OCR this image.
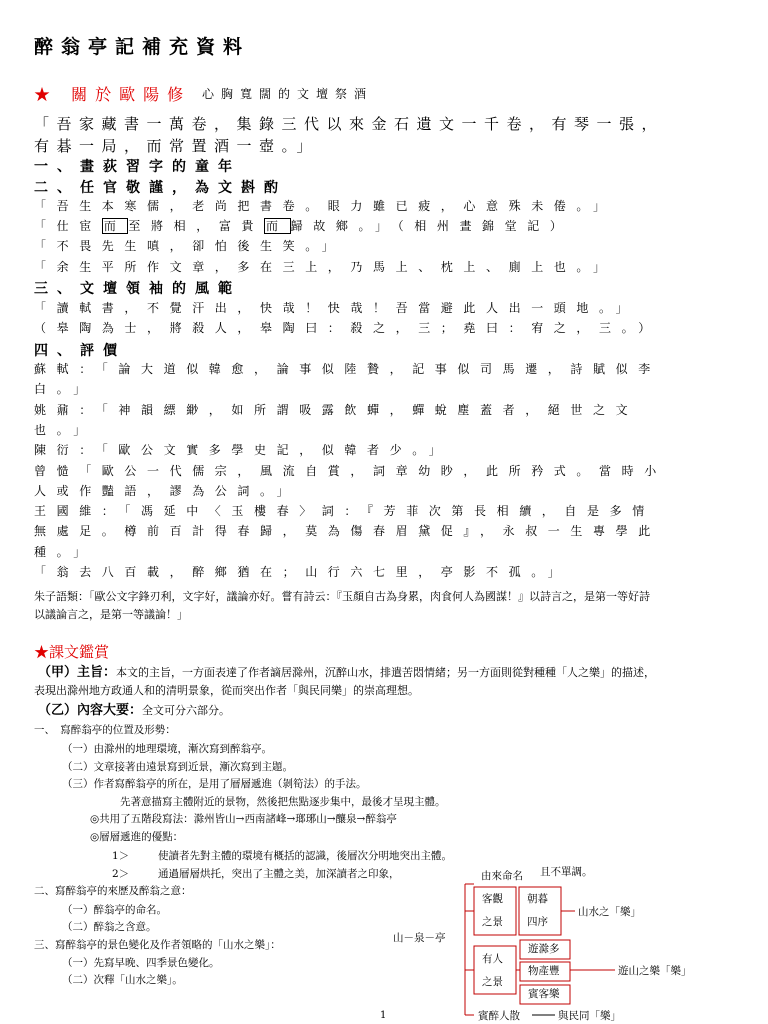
醉翁亭記補充資料
★ 關於歐陽修 心胸寬闊的文壇祭酒
「吾家藏書一萬卷，集錄三代以來金石遺文一千卷，有琴一張，
有碁一局，而常置酒一壺。」
一、畫荻習字的童年
二、任官敬謹，為文斟酌
「吾生本寒儒，老尚把書卷。眼力雖已疲，心意殊未倦。」
「仕宦 而 至將相，富貴 而 歸故鄉。」（相州晝錦堂記）
「不畏先生嗔，卻怕後生笑。」
「余生平所作文章，多在三上，乃馬上、枕上、廁上也。」
三、文壇領袖的風範
「讀軾書，不覺汗出，快哉！快哉！吾當避此人出一頭地。」
（皋陶為士，將殺人，皋陶曰：殺之，三；堯曰：宥之，三。）
四、評價
蘇軾：「論大道似韓愈，論事似陸贄，記事似司馬遷，詩賦似李
白。」
姚鼐：「神韻縹緲，如所謂吸露飲蟬，蟬蛻塵蓋者，絕世之文
也。」
陳衍：「歐公文實多學史記，似韓者少。」
曾慥「歐公一代儒宗，風流自賞，詞章幼眇，此所矜式。當時小
人或作豔語，謬為公詞。」
王國維：「馮延中〈玉樓春〉詞：『芳菲次第長相續，自是多情
無處足。樽前百計得春歸，莫為傷春眉黛促』，永叔一生專學此
種。」
「翁去八百載，醉鄉猶在；山行六七里，亭影不孤。」
朱子語類：「歐公文字鋒刃利，文字好，議論亦好。嘗有詩云：『玉顏自古為身累，肉食何人為國謀！』以詩言之，是第一等好詩
以議論言之，是第一等議論！」
★課文鑑賞
（甲）主旨：本文的主旨，一方面表達了作者謫居滁州，沉醉山水，排遣苦悶情緒；另一方面則從對種種「人之樂」的描述，
表現出滁州地方政通人和的清明景象，從而突出作者「與民同樂」的崇高理想。
（乙）內容大要：全文可分六部分。
一、　寫醉翁亭的位置及形勢：
（一）由滁州的地理環境，漸次寫到醉翁亭。
（二）文章接著由遠景寫到近景，漸次寫到主題。
（三）作者寫醉翁亭的所在，是用了層層遞進（剝筍法）的手法。
先著意描寫主體附近的景物，然後把焦點逐步集中，最後才呈現主體。
◎共用了五階段寫法：滁州皆山→西南諸峰→瑯琊山→釀泉→醉翁亭
◎層層遞進的優點：
1＞	使讀者先對主體的環境有概括的認識，後層次分明地突出主體。
2＞	通過層層烘托，突出了主體之美，加深讀者之印象，	且不單調。
二、寫醉翁亭的來歷及醉翁之意：
（一）醉翁亭的命名。
（二）醉翁之含意。
三、寫醉翁亭的景色變化及作者領略的「山水之樂」：
（一）先寫早晚、四季景色變化。
（二）次釋「山水之樂」。
由來命名
山－泉－亭
客觀
之景
朝暮
四序
山水之「樂」
有人
之景
遊滁多
物產豐
賓客樂
遊山之樂「樂」
賓醉人散	與民同「樂」
1
